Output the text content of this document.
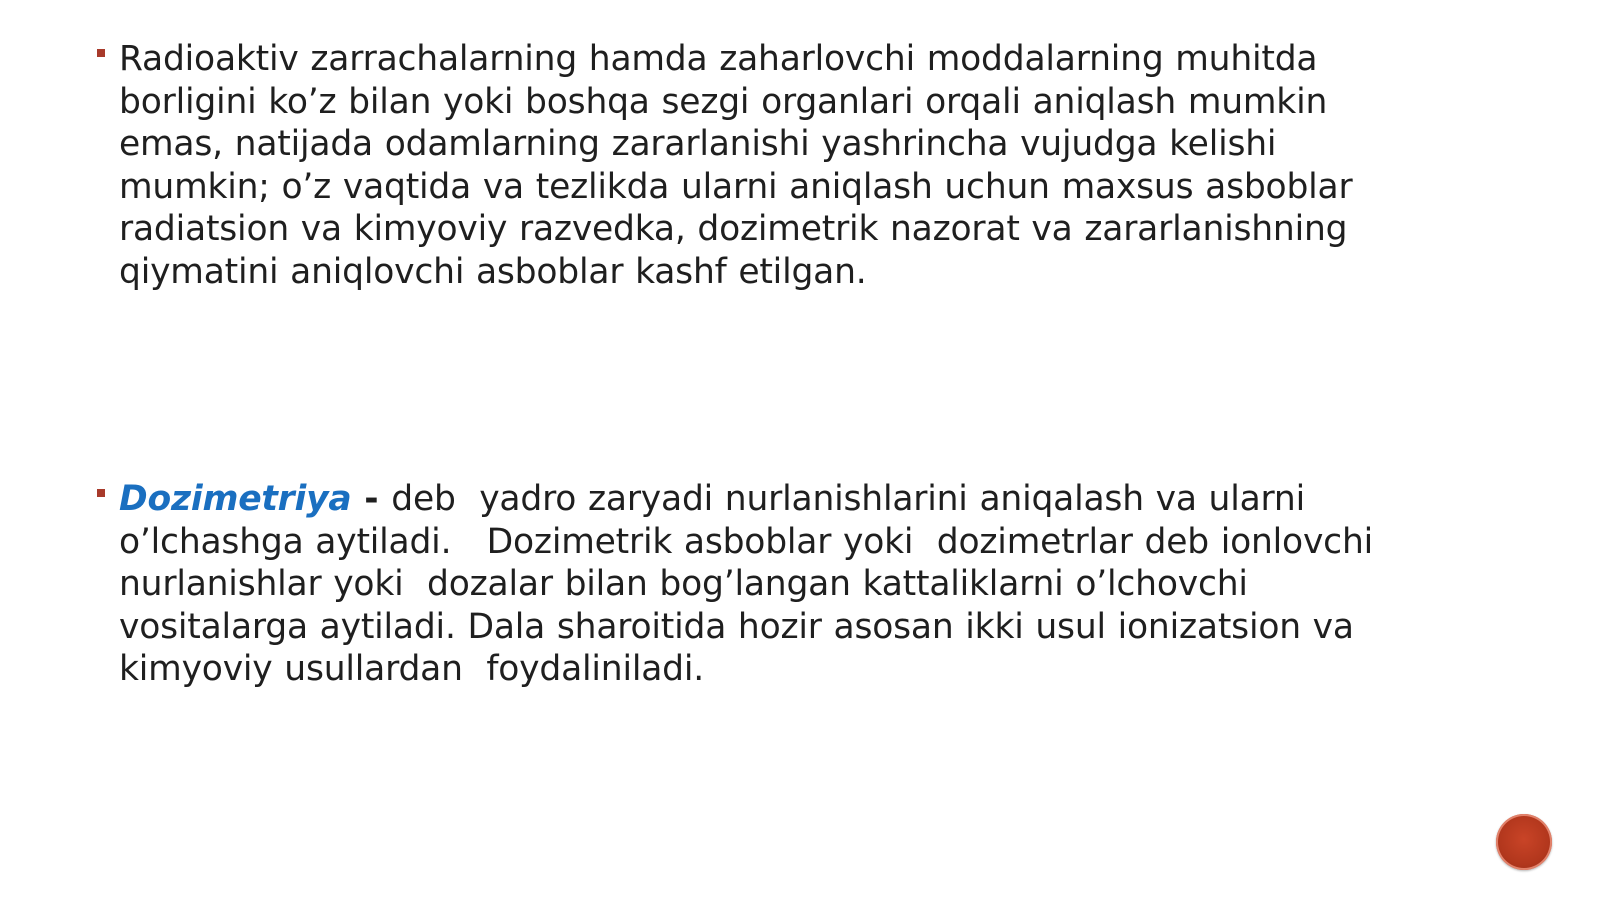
Radioaktiv zarrachalarning hamda zaharlovchi moddalarning muhitda borligini ko’z bilan yoki boshqa sezgi organlari orqali aniqlash mumkin emas, natijada odamlarning zararlanishi yashrincha vujudga kelishi mumkin; o’z vaqtida va tezlikda ularni aniqlash uchun maxsus asboblar radiatsion va kimyoviy razvedka, dozimetrik nazorat va zararlanishning qiymatini aniqlovchi asboblar kashf etilgan.

Dozimetriya - deb  yadro zaryadi nurlanishlarini aniqalash va ularni o’lchashga aytiladi.   Dozimetrik asboblar yoki  dozimetrlar deb ionlovchi nurlanishlar yoki  dozalar bilan bog’langan kattaliklarni o’lchovchi vositalarga aytiladi. Dala sharoitida hozir asosan ikki usul ionizatsion va kimyoviy usullardan  foydaliniladi.
